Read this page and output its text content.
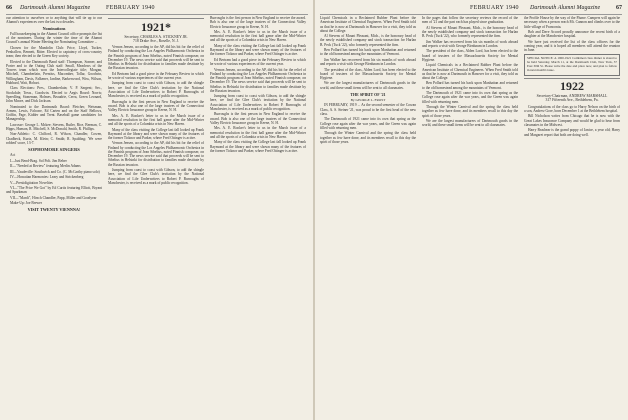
66 Dartmouth Alumni Magazine	FEBRUARY 1940

our attention to ourselves or to anything that will tie up to our Alumni's experiences over the last two decades.

Nominations

Fall housekeeping in the Alumni Council office prompts the list of the nominees. During the winter the time of the Alumni Council's annual Winter Meeting the Nominating Committee ...

Chosen for the Mandolin Club: Price, Lloyd, Tucker, Penhallow, Bennett, Ritter. Elected to captaincy of cross-country team; then elected to the Green Key society.

Elected to the Dartmouth Band staff: Thompson, Sonner, and Porter and to the Outing Club staff: Small, Meadows of the Towers team which won the Intercollegiate title; Morgan, Mitchell, Chamberlain, Prentiss, Macomber, Tollar, Goodwin, Willingham, Davis, Falkener, Jardine, Barkerwood, Wiss, Wilson, Hubbard, Wait, Hobart.

Class Elections: Pres., Chamberlain; V. P. Sargent; Sec., Stockdale; Treas., Goodwin. Elected to Aegis Board: Norris; Speedling, Stoneman, Holmes, Beaudrie, Cerra, Green Leonard, John Moore, and Dick Jackson.

Nominated to the Dartmouth Board: Fletcher, Weisman, Armen, Lewis, Falcone, Ed Carten and on the Staff Bellows, Griffin, Page, Kidder and Trent. Baseball game candidates for Managership.

Lacrosse: George L. Mckee; Stevens, Butler, Rice, Berman, C. Hipps, Hanson, R. Mitchell, S. McDonald, Smith, R. Phillips.

Non-Athletic: C. Chilford, R. Wilson, Chandler, Cowen, Chadbeck, Kurtz, M. Klein; C. Smith; R. Spalding; 'We were robbed' score, 13-7.

SOPHOMORE SINGERS

Act

I—Just Bend-Brag. Sol Polt. Jim Reber

II—"Needed at Review" featuring Merlin Adams

III—Vaudeville: Southwick and Co. (C. McCarthy piano solo)

IV—Hawaiian Harmonies: Leary and Strickenberg

V—Prestidigitation Novelties

VI—"The Price We Got" by Ed Curtis featuring Elliott, Bryant and Sparkman

VII—"Mardi", Hirsch Chandler, Papp, Miller and Goodyear

Make-Up: Joe Brewer

VISIT TWENTY VIENNNA!
1921*
Secretary, CHARLES A. STICKNEY JR.
718 Drake Ave., Roselle, N. J.

Vernon Jensen, according to the AP, did his bit for the relief of Finland by conducting the Los Angeles Philharmonic Orchestra in the Finnish program of Jean Sibelius, noted Finnish composer, on December 19. The news service said that proceeds will be sent to Sibelius in Helsinki for distribution to families made destitute by the Russian invasion.

Ed Bertram had a good piece in the February Review in which he wrote of various experiences of the current year.

Jumping from coast to coast with Gibson, to add the shingle here, we find the Glee Club's invitation by the National Association of Life Underwriters to Robert P. Burroughs of Manchester, is received as a mark of public recognition.

Burroughs is the first person in New England to receive the award. Bob is also one of the large trustees of the Connecticut Valley Electric Insurance group in Keene, N. H.

Mrs. A. E. Rooker's letter to us in the March issue of a memorial resolution in the first ball game after the Mid-Winter and all the sports of a Columbia crisis in New Haven.

Many of the class visiting the College last fall looked up Frank Raymond at the library and were shown many of the features of the former Ticknor and Parker, where Fred Ottinger is active.

Vernon Jensen, according to the AP, did his bit for the relief of Finland by conducting the Los Angeles Philharmonic Orchestra in the Finnish program of Jean Sibelius, noted Finnish composer, on December 19. The news service said that proceeds will be sent to Sibelius in Helsinki for distribution to families made destitute by the Russian invasion.

Jumping from coast to coast with Gibson, to add the shingle here, we find the Glee Club's invitation by the National Association of Life Underwriters to Robert P. Burroughs of Manchester, is received as a mark of public recognition.

Burroughs is the first person in New England to receive the award. Bob is also one of the large trustees of the Connecticut Valley Electric Insurance group in Keene, N. H.

Mrs. A. E. Rooker's letter to us in the March issue of a memorial resolution in the first ball game after the Mid-Winter and all the sports of a Columbia crisis in New Haven.

Many of the class visiting the College last fall looked up Frank Raymond at the library and were shown many of the features of the former Ticknor and Parker, where Fred Ottinger is active.

Ed Bertram had a good piece in the February Review in which he wrote of various experiences of the current year.

Vernon Jensen, according to the AP, did his bit for the relief of Finland by conducting the Los Angeles Philharmonic Orchestra in the Finnish program of Jean Sibelius, noted Finnish composer, on December 19. The news service said that proceeds will be sent to Sibelius in Helsinki for distribution to families made destitute by the Russian invasion.

Jumping from coast to coast with Gibson, to add the shingle here, we find the Glee Club's invitation by the National Association of Life Underwriters to Robert P. Burroughs of Manchester, is received as a mark of public recognition.

Burroughs is the first person in New England to receive the award. Bob is also one of the large trustees of the Connecticut Valley Electric Insurance group in Keene, N. H.

Mrs. A. E. Rooker's letter to us in the March issue of a memorial resolution in the first ball game after the Mid-Winter and all the sports of a Columbia crisis in New Haven.

Many of the class visiting the College last fall looked up Frank Raymond at the library and were shown many of the features of the former Ticknor and Parker, where Fred Ottinger is active.

FEBRUARY 1940 Dartmouth Alumni Magazine	67

Liquid Chemicals in a Reclaimed Rubber Plant before the American Institute of Chemical Engineers. When Fred Smith told us that he is now at Dartmouth in Hanover for a visit, they told us about the College.

Al Stevens of Mount Pleasant, Mich., is the honorary head of the newly established company and stock transaction for Harlan B. Peck (Tuck '22), who formerly represented the firm.

Ben Pollard has turned his back upon Manhattan and returned to the old homestead among the mountains of Vermont.

Jim Walker has recovered from his six months of work abroad and reports a visit with George Birnbaum in London.

The president of the class, Alden Lord, has been elected to the board of trustees of the Massachusetts Society for Mental Hygiene.

We are the largest manufacturers of Dartmouth goods in the world, and these small items will be sent to all classmates.

THE SPIRIT OF '21
By GEORGE L. FROST

IN FEBRUARY, 1919 ... As the second semester of the Cowan Class, A. S. Steiner '21, was proud to be the first head of the new class.

The Dartmouth of 1921 came into its own that spring as the College rose again after the war years, and the Green was again filled with returning men.

Through the Winter Carnival and the spring the class held together as few have done, and its members recall to this day the spirit of those years.

In the pages that follow the secretary reviews the record of the men of '21 and the part each has played since graduation.

Al Stevens of Mount Pleasant, Mich., is the honorary head of the newly established company and stock transaction for Harlan B. Peck (Tuck '22), who formerly represented the firm.

Jim Walker has recovered from his six months of work abroad and reports a visit with George Birnbaum in London.

The president of the class, Alden Lord, has been elected to the board of trustees of the Massachusetts Society for Mental Hygiene.

Liquid Chemicals in a Reclaimed Rubber Plant before the American Institute of Chemical Engineers. When Fred Smith told us that he is now at Dartmouth in Hanover for a visit, they told us about the College.

Ben Pollard has turned his back upon Manhattan and returned to the old homestead among the mountains of Vermont.

The Dartmouth of 1921 came into its own that spring as the College rose again after the war years, and the Green was again filled with returning men.

Through the Winter Carnival and the spring the class held together as few have done, and its members recall to this day the spirit of those years.

We are the largest manufacturers of Dartmouth goods in the world, and these small items will be sent to all classmates.

the Profile House by the way of the Flume. Campers will again be necessary when a person reach Mt. Cannon and climbs over to the little village of Franconia.

Bob and Dave Accord proudly announce the recent birth of a daughter at the Manchester hospital.

We have just received the list of the class officers for the coming year, and it is hoped all members will attend the reunion in June.

SPECIAL NOTICE: A 1900-1921 Combined class dinner is slated to be held Saturday, March 11, at the Dartmouth Club, New York, 37 East 30th St. Please write the date and place now, and plan to follow in next month's issue.
1922
Secretary-Chairman, ANDREW MARSHALL
317 Fifteenth Ave., Bethlehem, Pa.

Congratulations of the class go to Harry Nelson on the birth of a son, Andrew Gore, born December 1 at the Bethlehem hospital.

Bill Nicholson writes from Chicago that he is now with the Great Lakes Insurance Company and would be glad to hear from classmates in the Midwest.

Harry Brashear is the grand poppy of Janice, a year old; Harry and Margaret report that both are doing well.
